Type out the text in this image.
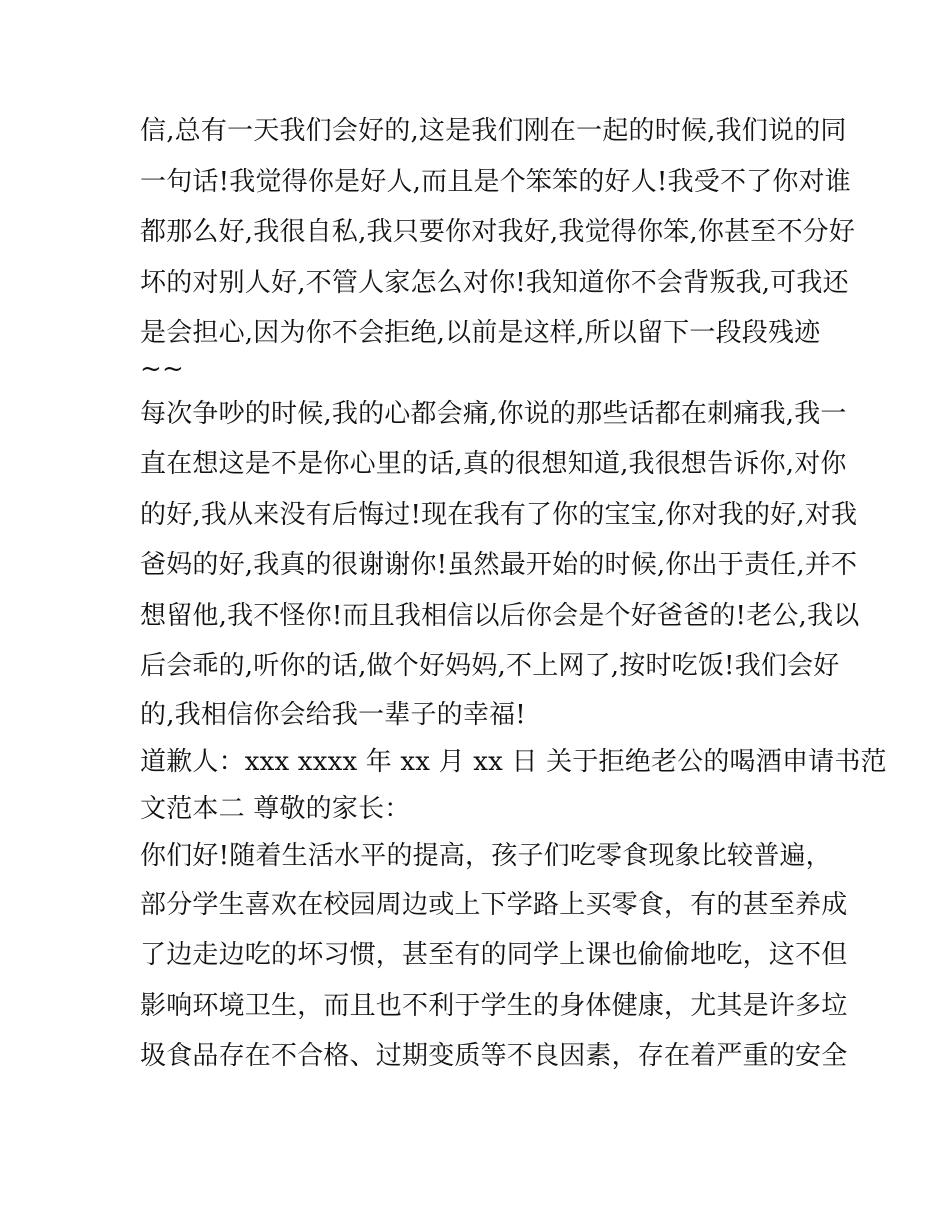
信,总有一天我们会好的,这是我们刚在一起的时候,我们说的同
一句话!我觉得你是好人,而且是个笨笨的好人!我受不了你对谁
都那么好,我很自私,我只要你对我好,我觉得你笨,你甚至不分好
坏的对别人好,不管人家怎么对你!我知道你不会背叛我,可我还
是会担心,因为你不会拒绝,以前是这样,所以留下一段段残迹
~~
每次争吵的时候,我的心都会痛,你说的那些话都在刺痛我,我一
直在想这是不是你心里的话,真的很想知道,我很想告诉你,对你
的好,我从来没有后悔过!现在我有了你的宝宝,你对我的好,对我
爸妈的好,我真的很谢谢你!虽然最开始的时候,你出于责任,并不
想留他,我不怪你!而且我相信以后你会是个好爸爸的!老公,我以
后会乖的,听你的话,做个好妈妈,不上网了,按时吃饭!我们会好
的,我相信你会给我一辈子的幸福!
道歉人：xxx xxxx 年 xx 月 xx 日 关于拒绝老公的喝酒申请书范
文范本二 尊敬的家长：
你们好!随着生活水平的提高，孩子们吃零食现象比较普遍，
部分学生喜欢在校园周边或上下学路上买零食，有的甚至养成
了边走边吃的坏习惯，甚至有的同学上课也偷偷地吃，这不但
影响环境卫生，而且也不利于学生的身体健康，尤其是许多垃
圾食品存在不合格、过期变质等不良因素，存在着严重的安全
